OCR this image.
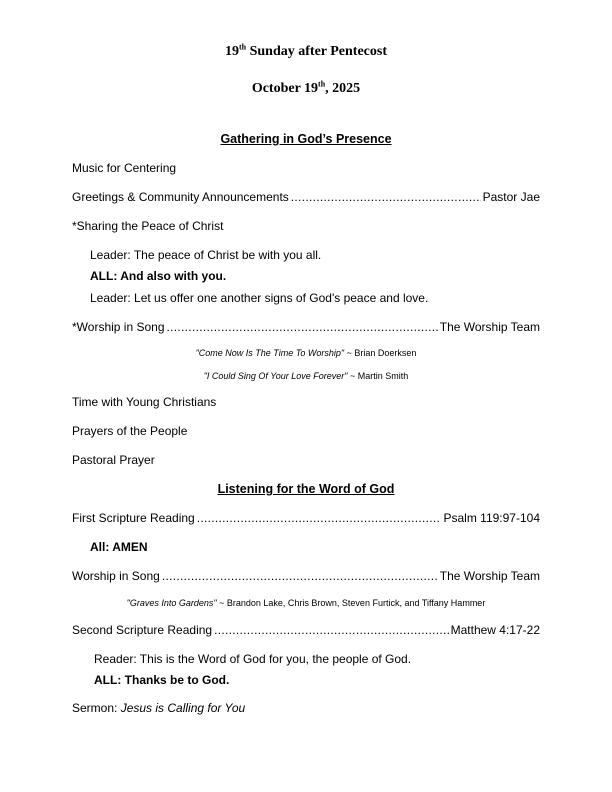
19th Sunday after Pentecost
October 19th, 2025
Gathering in God’s Presence
Music for Centering
Greetings & Community Announcements .....	Pastor Jae
*Sharing the Peace of Christ
Leader: The peace of Christ be with you all.
ALL: And also with you.
Leader: Let us offer one another signs of God's peace and love.
*Worship in Song .....	The Worship Team
"Come Now Is The Time To Worship" ~ Brian Doerksen
"I Could Sing Of Your Love Forever" ~ Martin Smith
Time with Young Christians
Prayers of the People
Pastoral Prayer
Listening for the Word of God
First Scripture Reading .....	Psalm 119:97-104
All: AMEN
Worship in Song .....	The Worship Team
"Graves Into Gardens" ~ Brandon Lake, Chris Brown, Steven Furtick, and Tiffany Hammer
Second Scripture Reading .....	Matthew 4:17-22
Reader: This is the Word of God for you, the people of God.
ALL: Thanks be to God.
Sermon: Jesus is Calling for You
